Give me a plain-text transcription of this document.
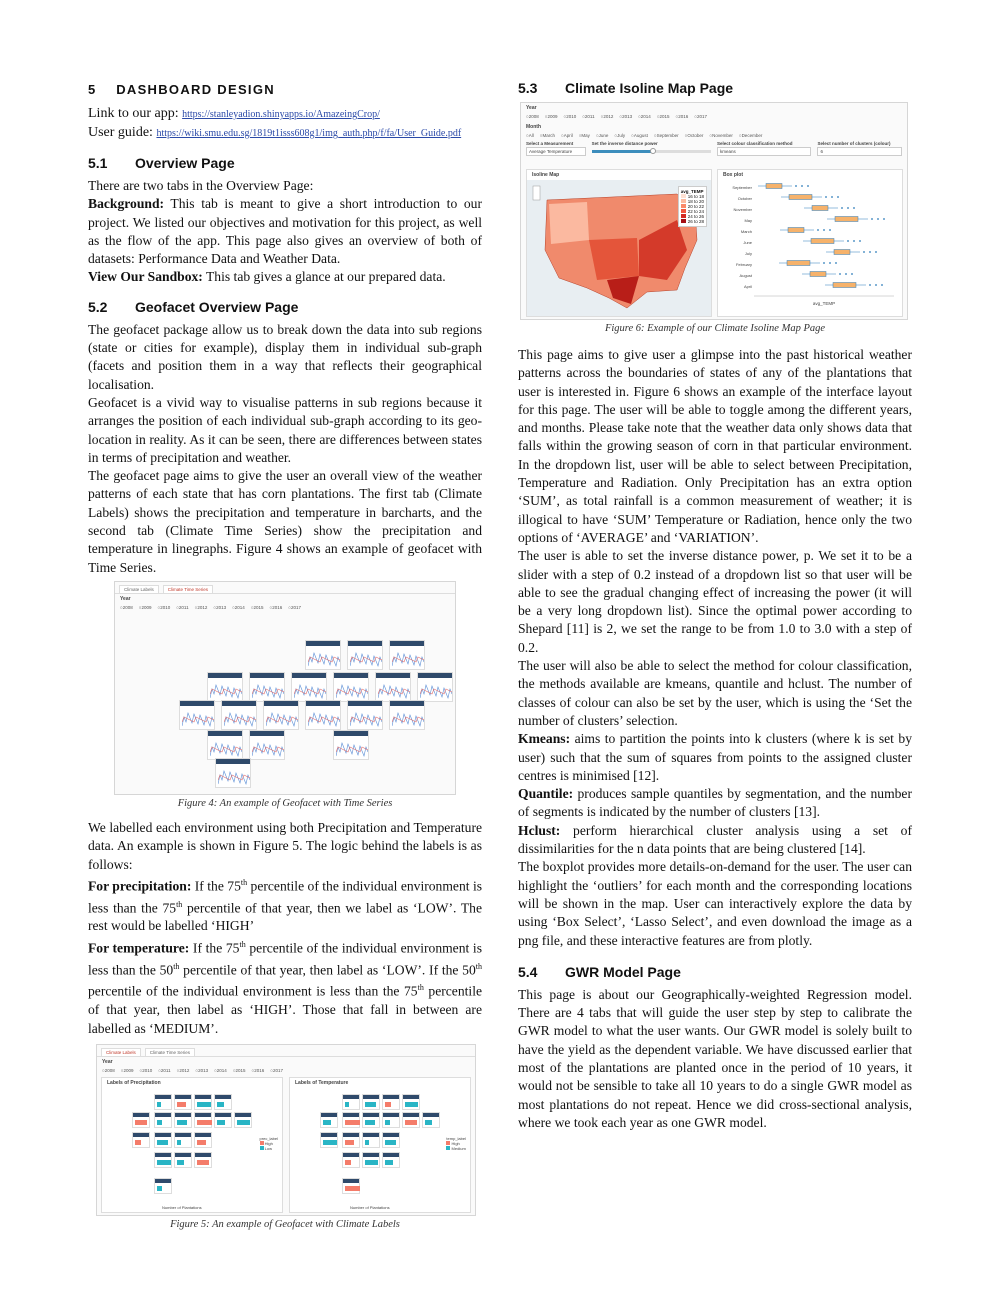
5 DASHBOARD DESIGN
Link to our app: https://stanleyadion.shinyapps.io/AmazeingCrop/
User guide: https://wiki.smu.edu.sg/1819t1isss608g1/img_auth.php/f/fa/User_Guide.pdf
5.1	Overview Page

There are two tabs in the Overview Page:

Background: This tab is meant to give a short introduction to our project. We listed our objectives and motivation for this project, as well as the flow of the app. This page also gives an overview of both of datasets: Performance Data and Weather Data.

View Our Sandbox: This tab gives a glance at our prepared data.

5.2	Geofacet Overview Page

The geofacet package allow us to break down the data into sub regions (state or cities for example), display them in individual sub-graph (facets and position them in a way that reflects their geographical localisation.

Geofacet is a vivid way to visualise patterns in sub regions because it arranges the position of each individual sub-graph according to its geo-location in reality. As it can be seen, there are differences between states in terms of precipitation and weather.

The geofacet page aims to give the user an overall view of the weather patterns of each state that has corn plantations. The first tab (Climate Labels) shows the precipitation and temperature in barcharts, and the second tab (Climate Time Series) show the precipitation and temperature in linegraphs. Figure 4 shows an example of geofacet with Time Series.

Climate Labels	Climate Time Series
Year
○ 2008	○ 2009	○ 2010	○ 2011	○ 2012	○ 2013	○ 2014	○ 2015	○ 2016	○ 2017
Figure 4: An example of Geofacet with Time Series

We labelled each environment using both Precipitation and Temperature data. An example is shown in Figure 5. The logic behind the labels is as follows:

For precipitation: If the 75th percentile of the individual environment is less than the 75th percentile of that year, then we label as ‘LOW’. The rest would be labelled ‘HIGH’

For temperature: If the 75th percentile of the individual environment is less than the 50th percentile of that year, then label as ‘LOW’. If the 50th percentile of the individual environment is less than the 75th percentile of that year, then label as ‘HIGH’. Those that fall in between are labelled as ‘MEDIUM’.

Climate Labels	Climate Time Series
Year
○ 2008	○ 2009	○ 2010	○ 2011	○ 2012	○ 2013	○ 2014	○ 2015	○ 2016	○ 2017
Labels of Precipitation
Number of Plantations
prec_label
High
Low
Labels of Temperature
Number of Plantations
temp_label
High
Medium
Figure 5: An example of Geofacet with Climate Labels
5.3	Climate Isoline Map Page
Year
○ 2008	○ 2009	○ 2010	○ 2011	○ 2012	○ 2013	○ 2014	○ 2015	○ 2016	○ 2017
Month
○ All	○ March	○ April	○ May	○ June	○ July	○ August	○ September	○ October	○ November	○ December
Select a Measurement
Average Temperature
Set the inverse distance power	Select colour classification method
kmeans
Select number of clusters (colour)
6
Isoline Map
avg_TEMP
16 to 18
18 to 20
20 to 22
22 to 24
24 to 26
26 to 28
Box plot
September
October
November
May
March
June
July
February
August
April
avg_TEMP
Figure 6: Example of our Climate Isoline Map Page

This page aims to give user a glimpse into the past historical weather patterns across the boundaries of states of any of the plantations that user is interested in. Figure 6 shows an example of the interface layout for this page. The user will be able to toggle among the different years, and months. Please take note that the weather data only shows data that falls within the growing season of corn in that particular environment. In the dropdown list, user will be able to select between Precipitation, Temperature and Radiation. Only Precipitation has an extra option ‘SUM’, as total rainfall is a common measurement of weather; it is illogical to have ‘SUM’ Temperature or Radiation, hence only the two options of ‘AVERAGE’ and ‘VARIATION’.

The user is able to set the inverse distance power, p. We set it to be a slider with a step of 0.2 instead of a dropdown list so that user will be able to see the gradual changing effect of increasing the power (it will be a very long dropdown list). Since the optimal power according to Shepard [11] is 2, we set the range to be from 1.0 to 3.0 with a step of 0.2.

The user will also be able to select the method for colour classification, the methods available are kmeans, quantile and hclust. The number of classes of colour can also be set by the user, which is using the ‘Set the number of clusters’ selection.

Kmeans: aims to partition the points into k clusters (where k is set by user) such that the sum of squares from points to the assigned cluster centres is minimised [12].

Quantile: produces sample quantiles by segmentation, and the number of segments is indicated by the number of clusters [13].

Hclust: perform hierarchical cluster analysis using a set of dissimilarities for the n data points that are being clustered [14].

The boxplot provides more details-on-demand for the user. The user can highlight the ‘outliers’ for each month and the corresponding locations will be shown in the map. User can interactively explore the data by using ‘Box Select’, ‘Lasso Select’, and even download the image as a png file, and these interactive features are from plotly.

5.4	GWR Model Page

This page is about our Geographically-weighted Regression model. There are 4 tabs that will guide the user step by step to calibrate the GWR model to what the user wants. Our GWR model is solely built to have the yield as the dependent variable. We have discussed earlier that most of the plantations are planted once in the period of 10 years, it would not be sensible to take all 10 years to do a single GWR model as most plantations do not repeat. Hence we did cross-sectional analysis, where we took each year as one GWR model.
